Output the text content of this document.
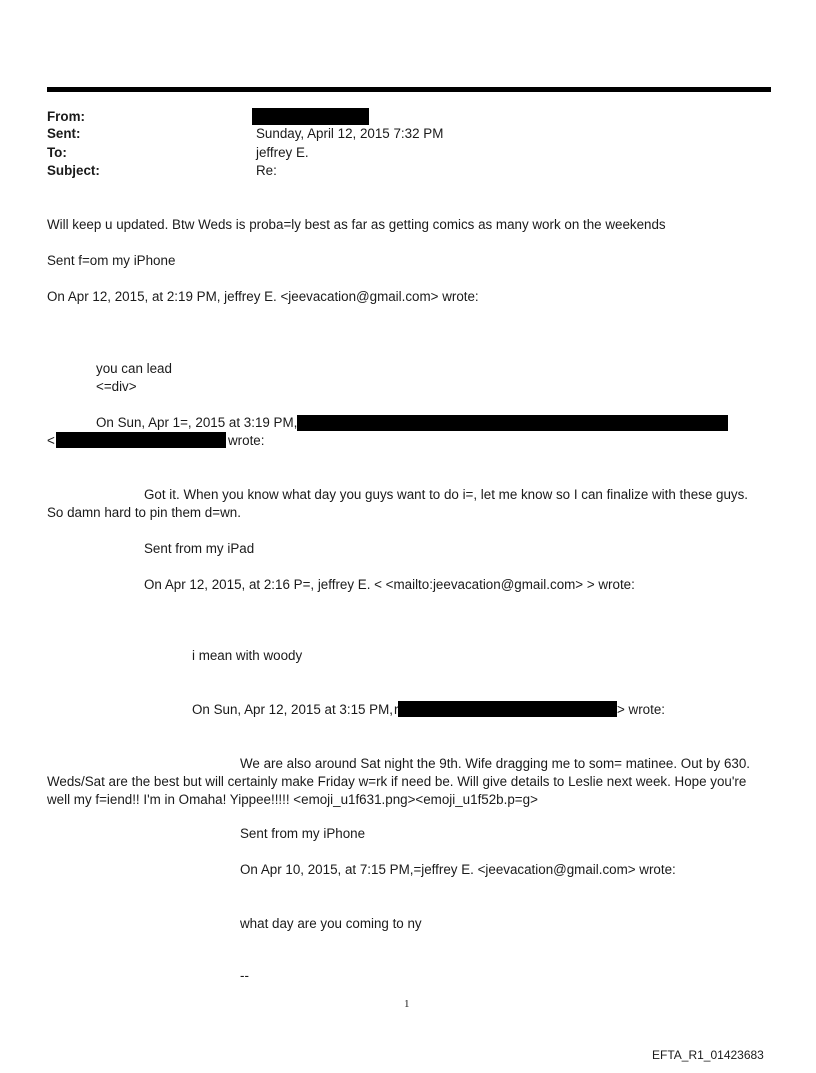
From:
Sent:	Sunday, April 12, 2015 7:32 PM
To:	jeffrey E.
Subject:	Re:
Will keep u updated. Btw Weds is proba=ly best as far as getting comics as many work on the weekends
Sent f=om my iPhone
On Apr 12, 2015, at 2:19 PM, jeffrey E. <jeevacation@gmail.com> wrote:
you can lead
<=div>
On Sun, Apr 1=, 2015 at 3:19 PM,
<	wrote:
Got it. When you know what day you guys want to do i=, let me know so I can finalize with these guys.
So damn hard to pin them d=wn.
Sent from my iPad
On Apr 12, 2015, at 2:16 P=, jeffrey E. < <mailto:jeevacation@gmail.com> > wrote:
i mean with woody
On Sun, Apr 12, 2015 at 3:15 PM, r	> wrote:
We are also around Sat night the 9th. Wife dragging me to som= matinee. Out by 630.
Weds/Sat are the best but will certainly make Friday w=rk if need be. Will give details to Leslie next week. Hope you're
well my f=iend!! I'm in Omaha! Yippee!!!!! <emoji_u1f631.png><emoji_u1f52b.p=g>
Sent from my iPhone
On Apr 10, 2015, at 7:15 PM,=jeffrey E. <jeevacation@gmail.com> wrote:
what day are you coming to ny
--
1
EFTA_R1_01423683
